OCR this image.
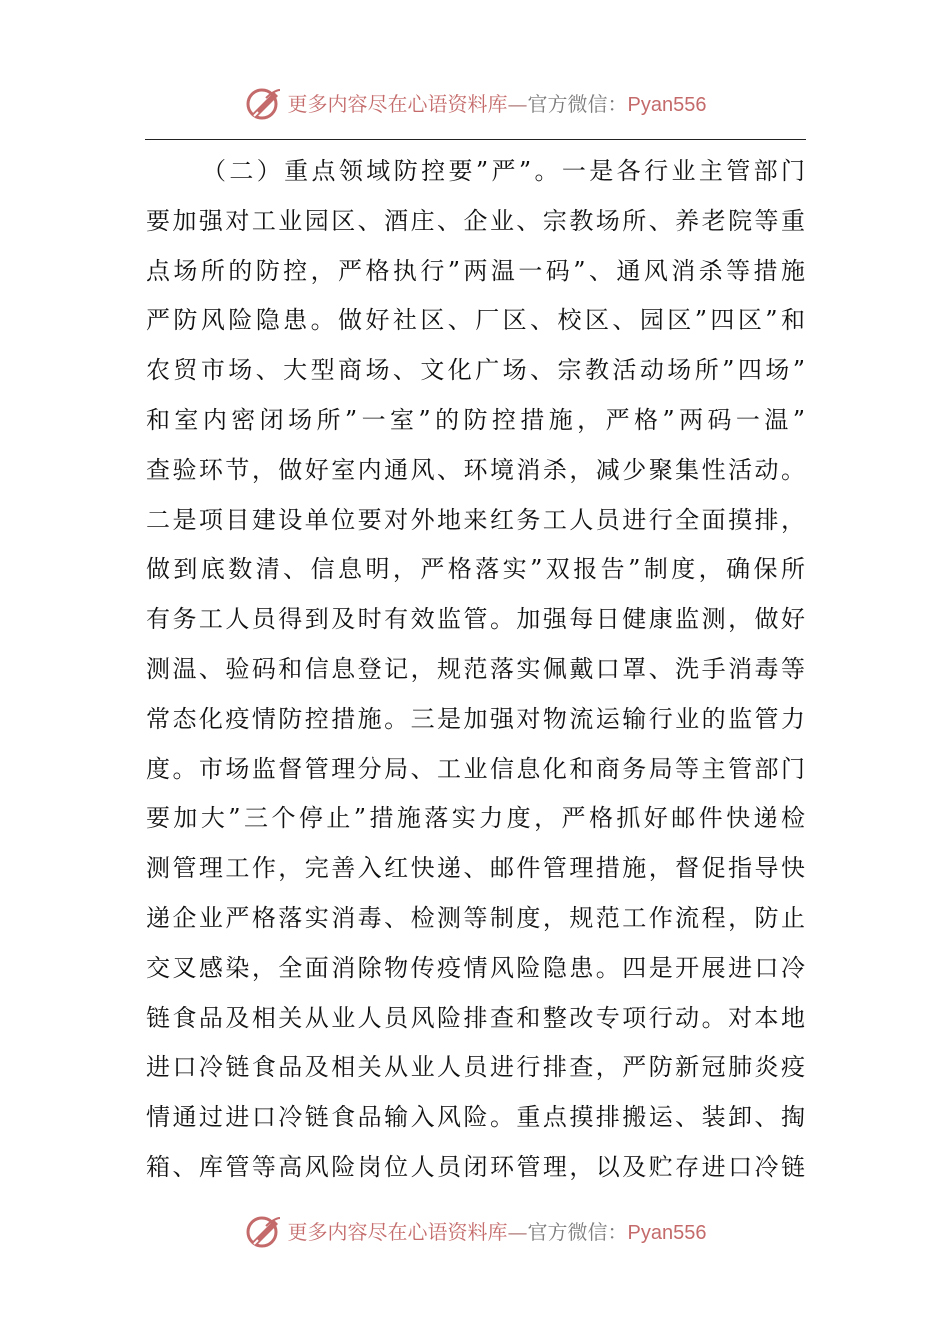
更多内容尽在心语资料库—官方微信：Pyan556
（二）重点领域防控要”严”。一是各行业主管部门
要加强对工业园区、酒庄、企业、宗教场所、养老院等重
点场所的防控，严格执行”两温一码”、通风消杀等措施
严防风险隐患。做好社区、厂区、校区、园区”四区”和
农贸市场、大型商场、文化广场、宗教活动场所”四场”
和室内密闭场所”一室”的防控措施，严格”两码一温”
查验环节，做好室内通风、环境消杀，减少聚集性活动。
二是项目建设单位要对外地来红务工人员进行全面摸排，
做到底数清、信息明，严格落实”双报告”制度，确保所
有务工人员得到及时有效监管。加强每日健康监测，做好
测温、验码和信息登记，规范落实佩戴口罩、洗手消毒等
常态化疫情防控措施。三是加强对物流运输行业的监管力
度。市场监督管理分局、工业信息化和商务局等主管部门
要加大”三个停止”措施落实力度，严格抓好邮件快递检
测管理工作，完善入红快递、邮件管理措施，督促指导快
递企业严格落实消毒、检测等制度，规范工作流程，防止
交叉感染，全面消除物传疫情风险隐患。四是开展进口冷
链食品及相关从业人员风险排查和整改专项行动。对本地
进口冷链食品及相关从业人员进行排查，严防新冠肺炎疫
情通过进口冷链食品输入风险。重点摸排搬运、装卸、掏
箱、库管等高风险岗位人员闭环管理，以及贮存进口冷链
更多内容尽在心语资料库—官方微信：Pyan556
